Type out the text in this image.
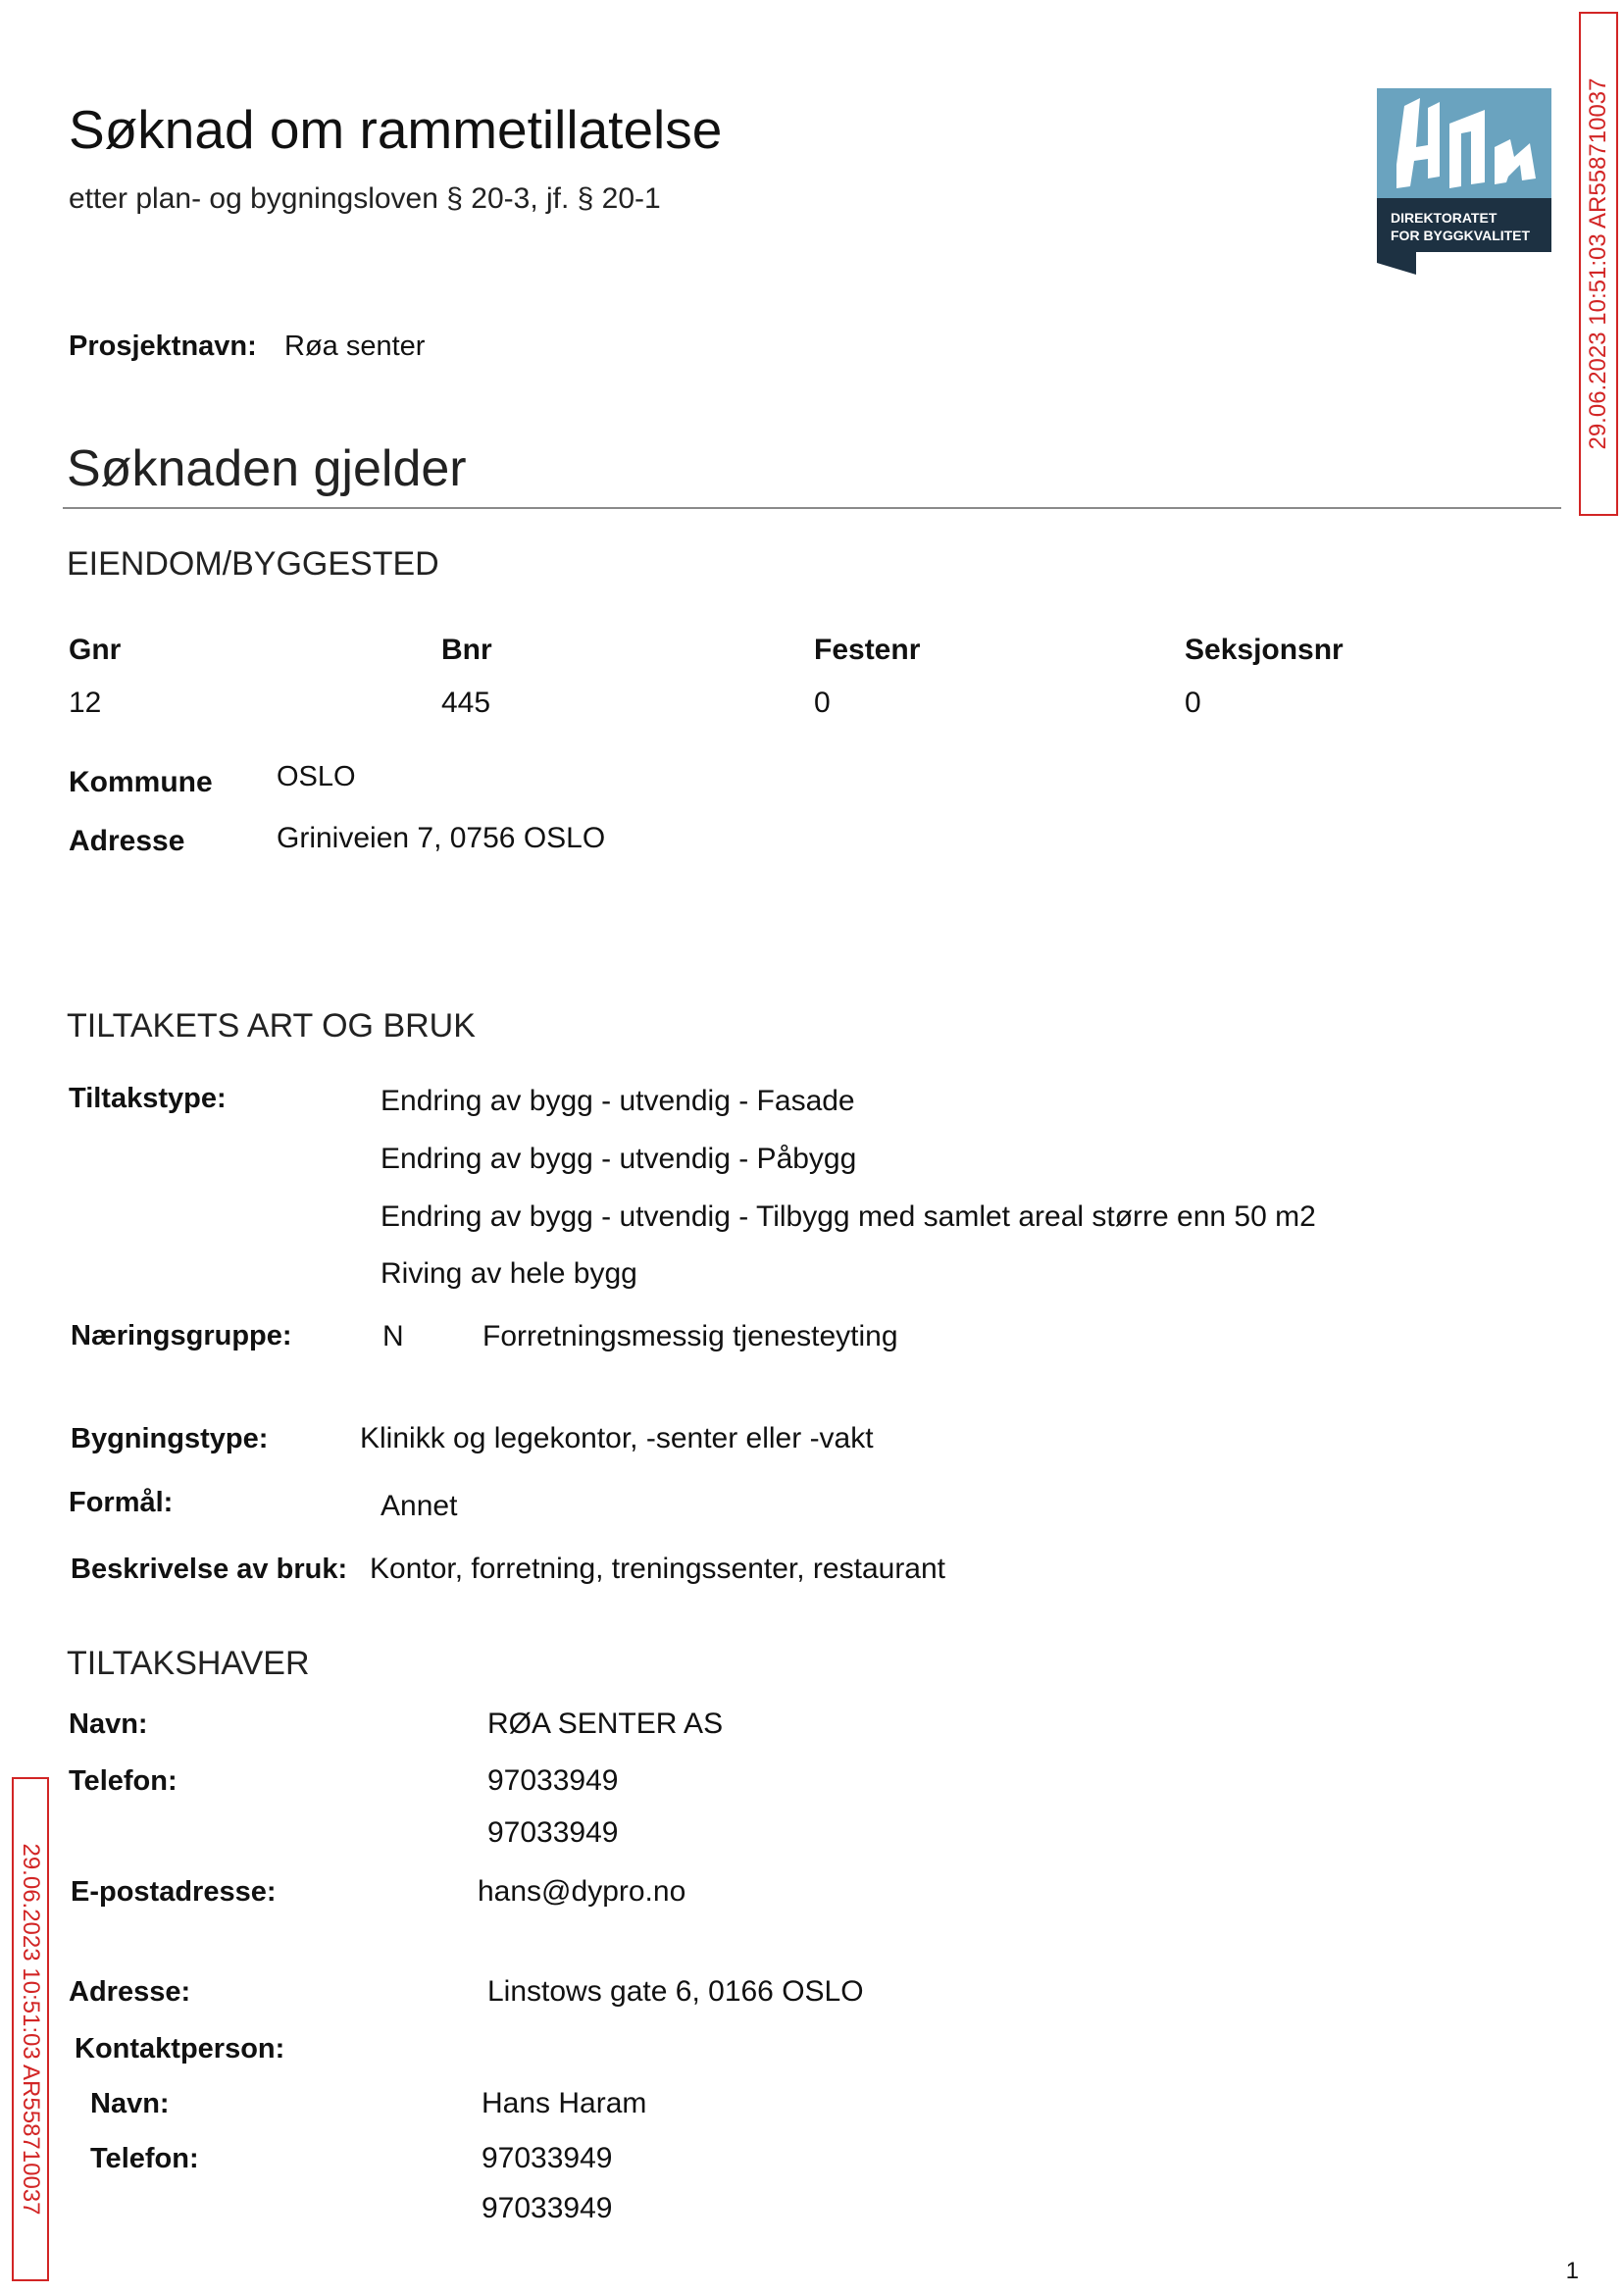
Søknad om rammetillatelse
etter plan- og bygningsloven § 20-3, jf. § 20-1
DIREKTORATET
FOR BYGGKVALITET 29.06.2023 10:51:03 AR558710037
29.06.2023 10:51:03 AR558710037
Prosjektnavn: Røa senter
Søknaden gjelder
EIENDOM/BYGGESTED
Gnr	Bnr	Festenr	Seksjonsnr
12	445	0	0
Kommune OSLO
Adresse	Griniveien 7, 0756 OSLO
TILTAKETS ART OG BRUK
Tiltakstype:	Endring av bygg - utvendig - Fasade
Endring av bygg - utvendig - Påbygg
Endring av bygg - utvendig - Tilbygg med samlet areal større enn 50 m2
Riving av hele bygg
Næringsgruppe:	N	Forretningsmessig tjenesteyting
Bygningstype:	Klinikk og legekontor, -senter eller -vakt
Formål:	Annet
Beskrivelse av bruk: Kontor, forretning, treningssenter, restaurant
TILTAKSHAVER
Navn:	RØA SENTER AS
Telefon:	97033949
97033949
E-postadresse:	hans@dypro.no
Adresse:	Linstows gate 6, 0166 OSLO
Kontaktperson:
Navn:	Hans Haram
Telefon:	97033949
97033949
1
